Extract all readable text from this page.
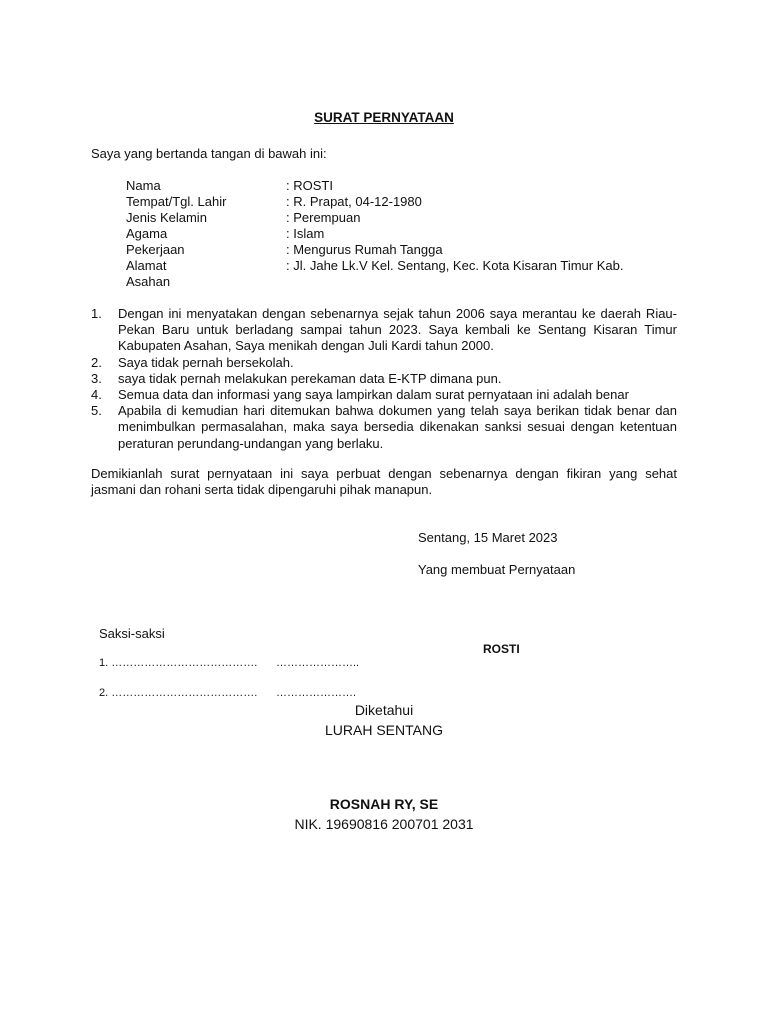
SURAT PERNYATAAN
Saya yang bertanda tangan di bawah ini:
Nama	: ROSTI
Tempat/Tgl. Lahir	: R. Prapat, 04-12-1980
Jenis Kelamin	: Perempuan
Agama	: Islam
Pekerjaan	: Mengurus Rumah Tangga
Alamat	: Jl. Jahe Lk.V Kel. Sentang, Kec. Kota Kisaran Timur Kab.
Asahan
1. Dengan ini menyatakan dengan sebenarnya sejak tahun 2006 saya merantau ke daerah Riau- Pekan Baru untuk berladang sampai tahun 2023. Saya kembali ke Sentang Kisaran Timur Kabupaten Asahan, Saya menikah dengan Juli Kardi tahun 2000.
2. Saya tidak pernah bersekolah.
3. saya tidak pernah melakukan perekaman data E-KTP dimana pun.
4. Semua data dan informasi yang saya lampirkan dalam surat pernyataan ini adalah benar
5. Apabila di kemudian hari ditemukan bahwa dokumen yang telah saya berikan tidak benar dan menimbulkan permasalahan, maka saya bersedia dikenakan sanksi sesuai dengan ketentuan peraturan perundang-undangan yang berlaku.
Demikianlah surat pernyataan ini saya perbuat dengan sebenarnya dengan fikiran yang sehat jasmani dan rohani serta tidak dipengaruhi pihak manapun.
Sentang, 15 Maret 2023
Yang membuat Pernyataan
Saksi-saksi
ROSTI
1. …………………………………. …………………..
2. …………………………………. ………………….
Diketahui
LURAH SENTANG
ROSNAH RY, SE
NIK. 19690816 200701 2031
